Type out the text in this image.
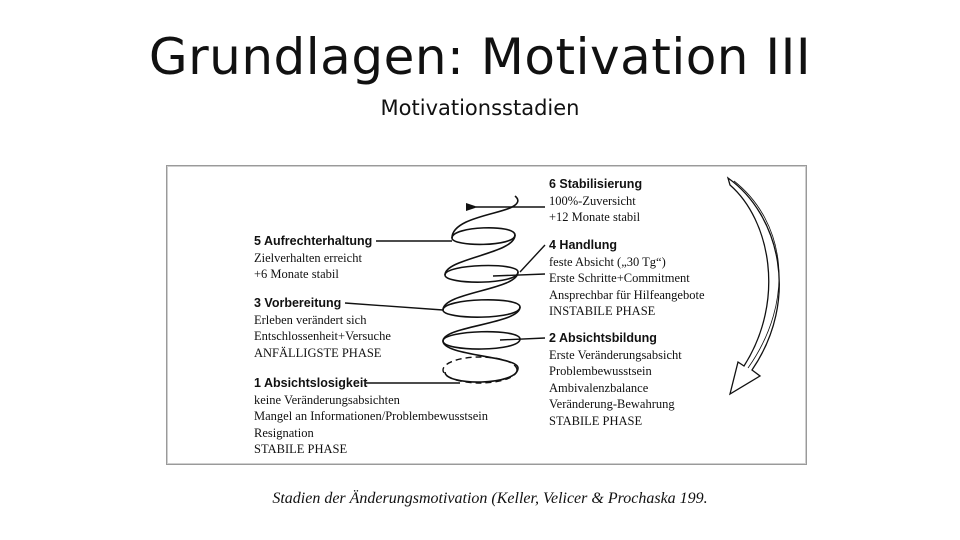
Grundlagen: Motivation III
Motivationsstadien
6 Stabilisierung
100%-Zuversicht
+12 Monate stabil
5 Aufrechterhaltung
Zielverhalten erreicht
+6 Monate stabil
4 Handlung
feste Absicht („30 Tg“)
Erste Schritte+Commitment
Ansprechbar für Hilfeangebote
INSTABILE PHASE
3 Vorbereitung
Erleben verändert sich
Entschlossenheit+Versuche
ANFÄLLIGSTE PHASE
2 Absichtsbildung
Erste Veränderungsabsicht
Problembewusstsein
Ambivalenzbalance
Veränderung-Bewahrung
STABILE PHASE
1 Absichtslosigkeit
keine Veränderungsabsichten
Mangel an Informationen/Problembewusstsein
Resignation
STABILE PHASE
Stadien der Änderungsmotivation (Keller, Velicer & Prochaska 199.
